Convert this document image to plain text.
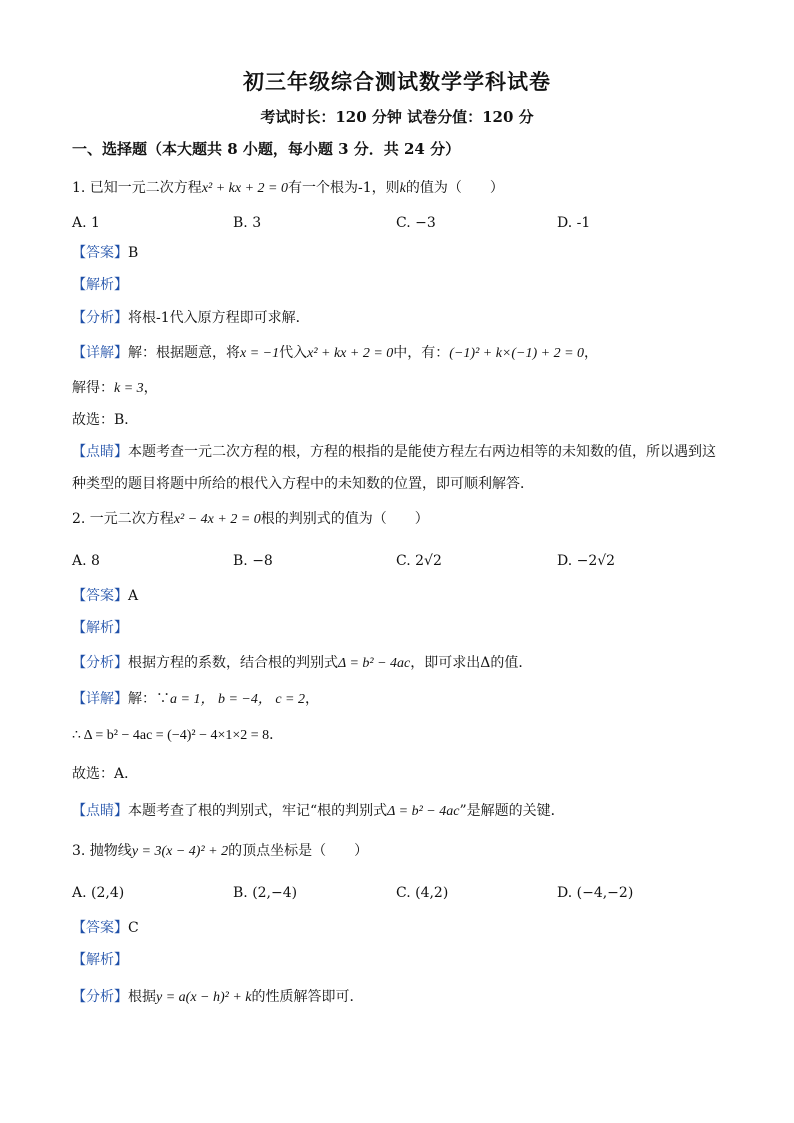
初三年级综合测试数学学科试卷
考试时长：120 分钟 试卷分值：120 分
一、选择题（本大题共 8 小题，每小题 3 分．共 24 分）
1. 已知一元二次方程x² + kx + 2 = 0有一个根为-1，则k的值为（　　）
A. 1	B. 3	C. −3	D. -1
【答案】B
【解析】
【分析】将根-1代入原方程即可求解．
【详解】解：根据题意，将x = −1代入x² + kx + 2 = 0中，有：(−1)² + k×(−1) + 2 = 0，
解得：k = 3，
故选：B．
【点睛】本题考查一元二次方程的根，方程的根指的是能使方程左右两边相等的未知数的值，所以遇到这
种类型的题目将题中所给的根代入方程中的未知数的位置，即可顺利解答．
2. 一元二次方程x² − 4x + 2 = 0根的判别式的值为（　　）
A. 8	B. −8	C. 2√2	D. −2√2
【答案】A
【解析】
【分析】根据方程的系数，结合根的判别式Δ = b² − 4ac，即可求出Δ的值．
【详解】解：∵a = 1， b = −4， c = 2，
∴ Δ = b² − 4ac = (−4)² − 4×1×2 = 8．
故选：A．
【点睛】本题考查了根的判别式，牢记“根的判别式Δ = b² − 4ac”是解题的关键．
3. 抛物线y = 3(x − 4)² + 2的顶点坐标是（　　）
A. (2,4)	B. (2,−4)	C. (4,2)	D. (−4,−2)
【答案】C
【解析】
【分析】根据y = a(x − h)² + k的性质解答即可．
